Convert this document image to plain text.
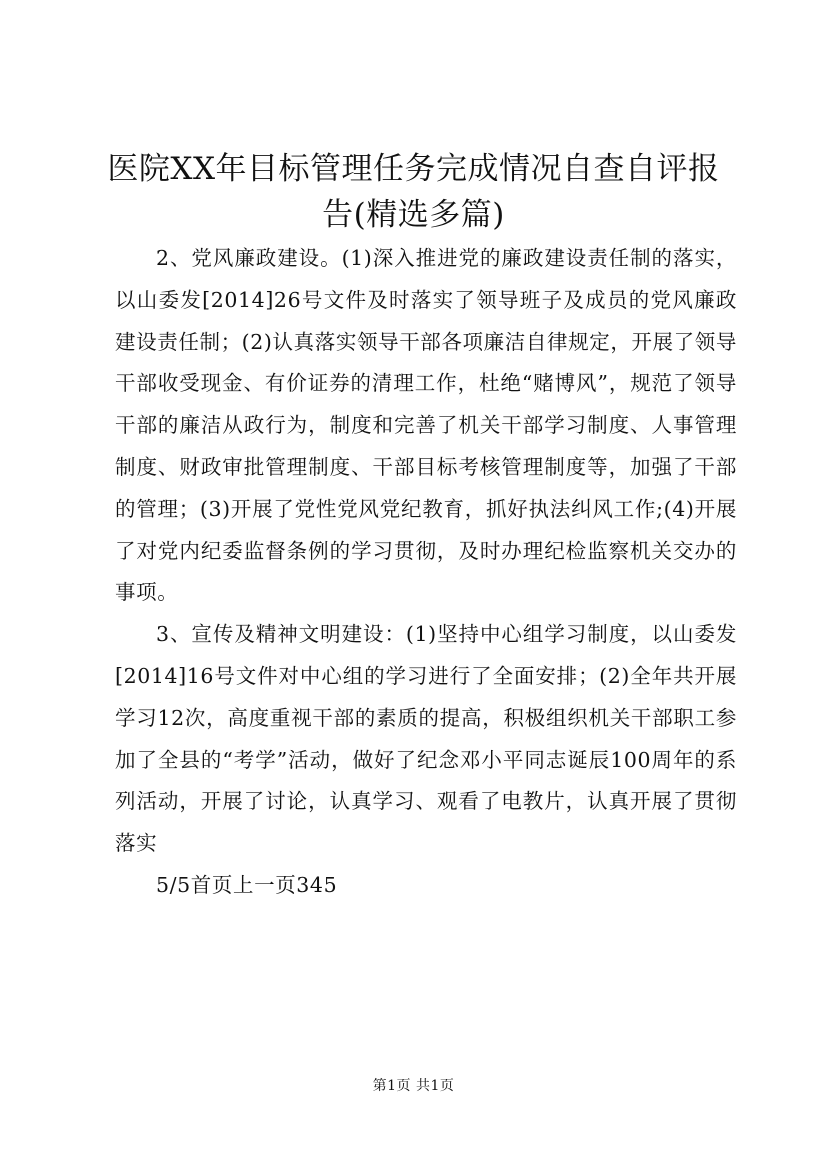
医院XX年目标管理任务完成情况自查自评报
告(精选多篇)

2、党风廉政建设。(1)深入推进党的廉政建设责任制的落实，以山委发[2014]26号文件及时落实了领导班子及成员的党风廉政建设责任制；(2)认真落实领导干部各项廉洁自律规定，开展了领导干部收受现金、有价证券的清理工作，杜绝“赌博风”，规范了领导干部的廉洁从政行为，制度和完善了机关干部学习制度、人事管理制度、财政审批管理制度、干部目标考核管理制度等，加强了干部的管理；(3)开展了党性党风党纪教育，抓好执法纠风工作;(4)开展了对党内纪委监督条例的学习贯彻，及时办理纪检监察机关交办的事项。

3、宣传及精神文明建设：(1)坚持中心组学习制度，以山委发[2014]16号文件对中心组的学习进行了全面安排；(2)全年共开展学习12次，高度重视干部的素质的提高，积极组织机关干部职工参加了全县的“考学”活动，做好了纪念邓小平同志诞辰100周年的系列活动，开展了讨论，认真学习、观看了电教片，认真开展了贯彻落实

5/5首页上一页345

第1页 共1页
